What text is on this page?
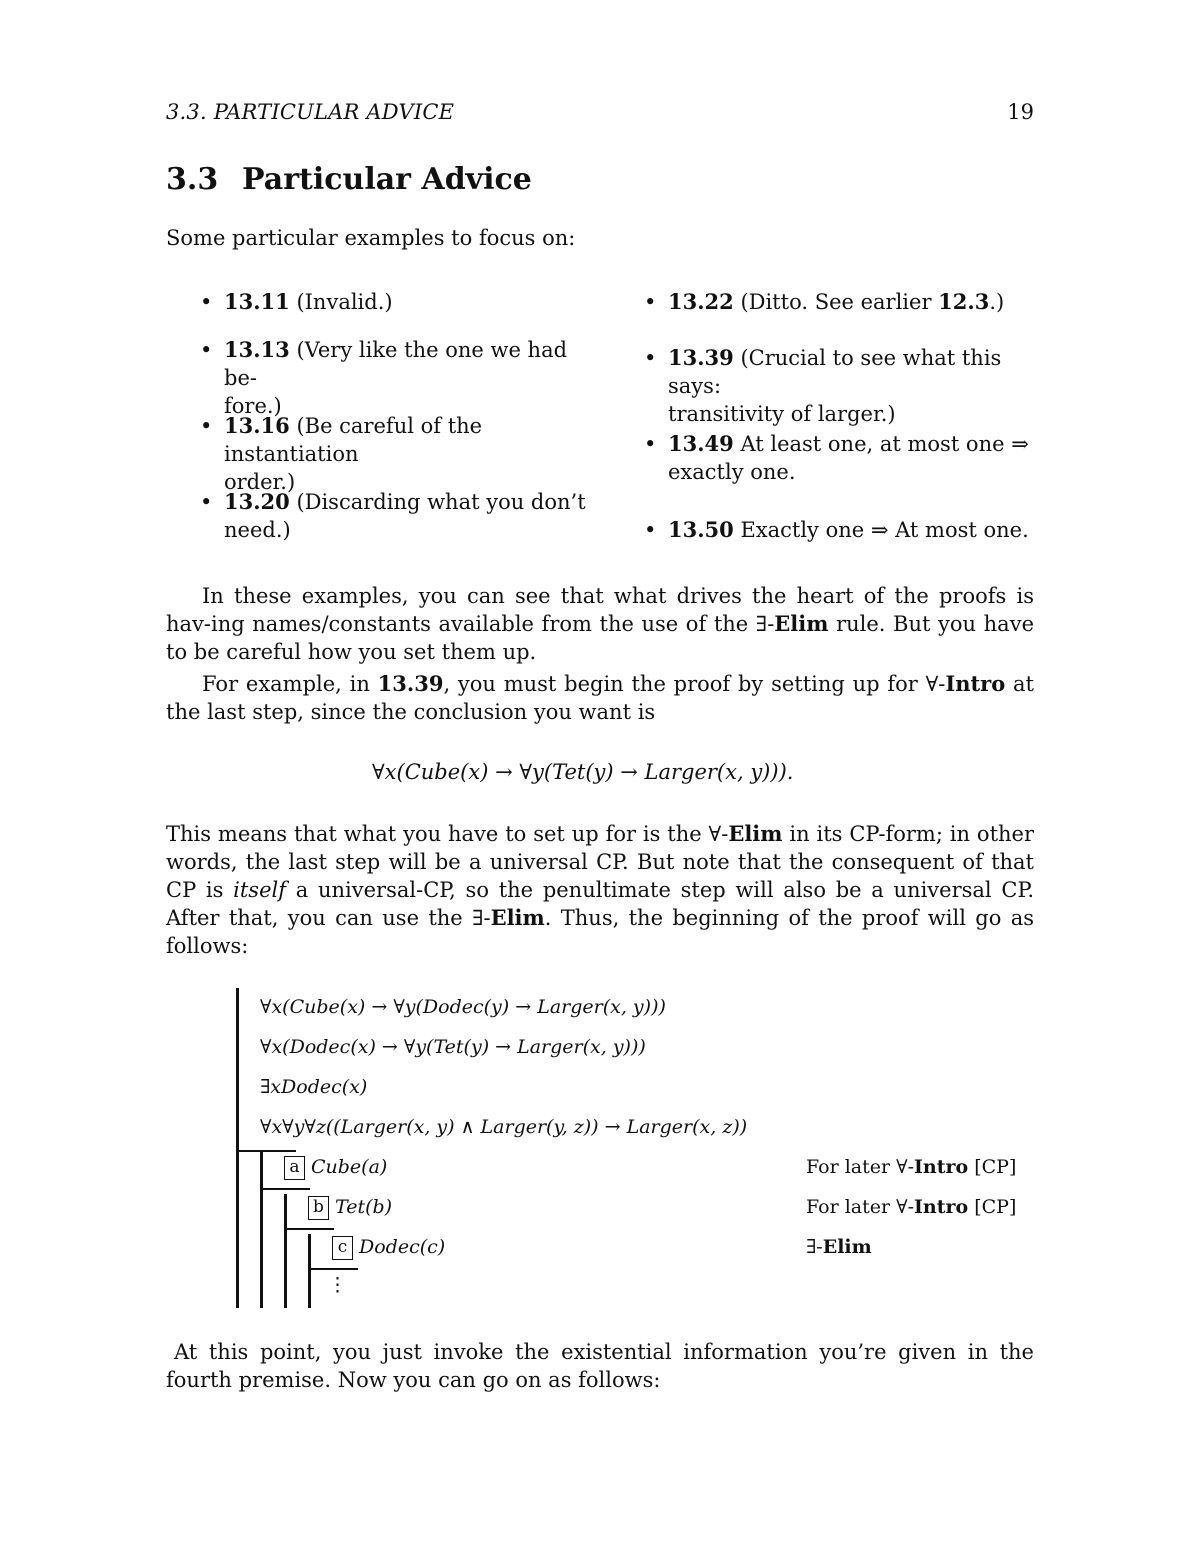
3.3. PARTICULAR ADVICE	19
3.3 Particular Advice
Some particular examples to focus on:
• 13.11 (Invalid.)
• 13.13 (Very like the one we had be-
fore.)
• 13.16 (Be careful of the instantiation
order.)
• 13.20 (Discarding what you don’t
need.)
• 13.22 (Ditto. See earlier 12.3.)
• 13.39 (Crucial to see what this says:
transitivity of larger.)
• 13.49 At least one, at most one ⇒
exactly one.
• 13.50 Exactly one ⇒ At most one.
In these examples, you can see that what drives the heart of the proofs is hav-ing names/constants available from the use of the ∃-Elim rule. But you have to be careful how you set them up.
For example, in 13.39, you must begin the proof by setting up for ∀-Intro at the last step, since the conclusion you want is
∀x(Cube(x) → ∀y(Tet(y) → Larger(x, y))).
This means that what you have to set up for is the ∀-Elim in its CP-form; in other words, the last step will be a universal CP. But note that the consequent of that CP is itself a universal-CP, so the penultimate step will also be a universal CP. After that, you can use the ∃-Elim. Thus, the beginning of the proof will go as follows:
∀x(Cube(x) → ∀y(Dodec(y) → Larger(x, y)))
∀x(Dodec(x) → ∀y(Tet(y) → Larger(x, y)))
∃xDodec(x)
∀x∀y∀z((Larger(x, y) ∧ Larger(y, z)) → Larger(x, z))
a Cube(a)	For later ∀-Intro [CP]
b Tet(b)	For later ∀-Intro [CP]
c Dodec(c)	∃-Elim
⋮
At this point, you just invoke the existential information you’re given in the fourth premise. Now you can go on as follows:
